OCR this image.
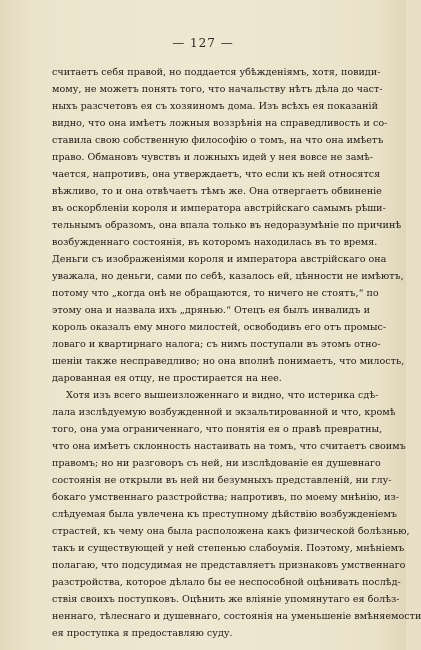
— 127 —
считаетъ себя правой, но поддается убѣжденіямъ, хотя, повиди-
мому, не можетъ понять того, что начальству нѣтъ дѣла до част-
ныхъ разсчетовъ ея съ хозяиномъ дома. Изъ всѣхъ ея показаній
видно, что она имѣетъ ложныя воззрѣнія на справедливость и со-
ставила свою собственную философію о томъ, на что она имѣетъ
право. Обмановъ чувствъ и ложныхъ идей у нея вовсе не замѣ-
чается, напротивъ, она утверждаетъ, что если къ ней относятся
вѣжливо, то и она отвѣчаетъ тѣмъ же. Она отвергаетъ обвиненіе
въ оскорбленіи короля и императора австрійскаго самымъ рѣши-
тельнымъ образомъ, она впала только въ недоразумѣніе по причинѣ
возбужденнаго состоянія, въ которомъ находилась въ то время.
Деньги съ изображеніями короля и императора австрійскаго она
уважала, но деньги, сами по себѣ, казалось ей, цѣнности не имѣютъ,
потому что „когда онѣ не обращаются, то ничего не стоятъ,“ по
этому она и назвала ихъ „дрянью.“ Отецъ ея былъ инвалидъ и
король оказалъ ему много милостей, освободивъ его отъ промыс-
ловаго и квартирнаго налога; съ нимъ поступали въ этомъ отно-
шеніи также несправедливо; но она вполнѣ понимаетъ, что милость,
дарованная ея отцу, не простирается на нее.
Хотя изъ всего вышеизложеннаго и видно, что истерика сдѣ-
лала изслѣдуемую возбужденной и экзальтированной и что, кромѣ
того, она ума ограниченнаго, что понятія ея о правѣ превратны,
что она имѣетъ склонность настаивать на томъ, что считаетъ своимъ
правомъ; но ни разговоръ съ ней, ни изслѣдованіе ея душевнаго
состоянія не открыли въ ней ни безумныхъ представленій, ни глу-
бокаго умственнаго разстройства; напротивъ, по моему мнѣнію, из-
слѣдуемая была увлечена къ преступному дѣйствію возбужденіемъ
страстей, къ чему она была расположена какъ физической болѣзнью,
такъ и существующей у ней степенью слабоумія. Поэтому, мнѣніемъ
полагаю, что подсудимая не представляетъ признаковъ умственнаго
разстройства, которое дѣлало бы ее неспособной оцѣнивать послѣд-
ствія своихъ поступковъ. Оцѣнить же вліяніе упомянутаго ея болѣз-
неннаго, тѣлеснаго и душевнаго, состоянія на уменьшеніе вмѣняемости
ея проступка я предоставляю суду.
